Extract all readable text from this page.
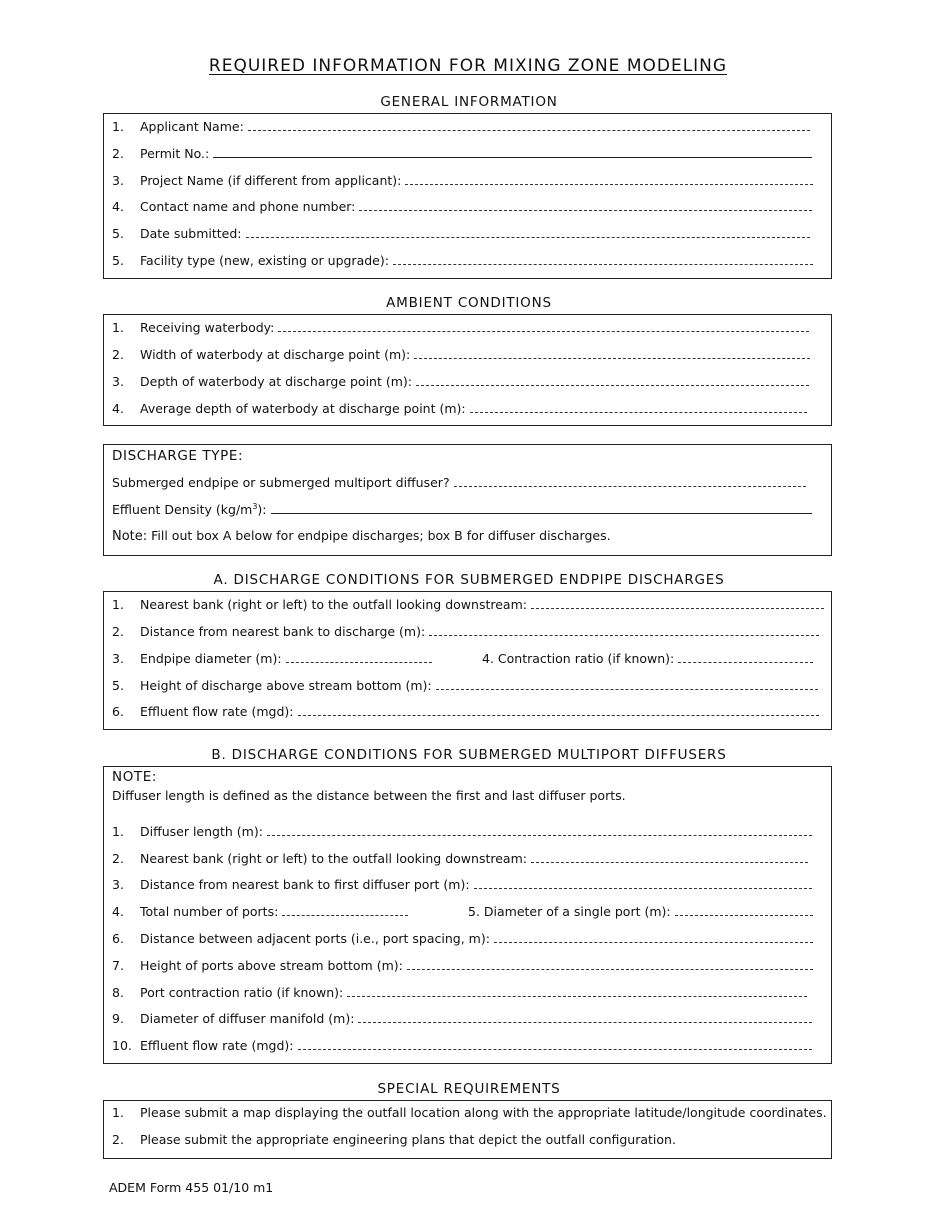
REQUIRED INFORMATION FOR MIXING ZONE MODELING
GENERAL INFORMATION
1.	Applicant Name:
2.	Permit No.:
3.	Project Name (if different from applicant):
4.	Contact name and phone number:
5.	Date submitted:
5.	Facility type (new, existing or upgrade):
AMBIENT CONDITIONS
1.	Receiving waterbody:
2.	Width of waterbody at discharge point (m):
3.	Depth of waterbody at discharge point (m):
4.	Average depth of waterbody at discharge point (m):
DISCHARGE TYPE:
Submerged endpipe or submerged multiport diffuser?
Effluent Density $(kg/m^3)$:
Note: Fill out box A below for endpipe discharges; box B for diffuser discharges.
A. DISCHARGE CONDITIONS FOR SUBMERGED ENDPIPE DISCHARGES
1.	Nearest bank (right or left) to the outfall looking downstream:
2.	Distance from nearest bank to discharge (m):
3.	Endpipe diameter (m):	4. Contraction ratio (if known):
5.	Height of discharge above stream bottom (m):
6.	Effluent flow rate (mgd):
B. DISCHARGE CONDITIONS FOR SUBMERGED MULTIPORT DIFFUSERS
NOTE:
Diffuser length is defined as the distance between the first and last diffuser ports.
1.	Diffuser length (m):
2.	Nearest bank (right or left) to the outfall looking downstream:
3.	Distance from nearest bank to first diffuser port (m):
4.	Total number of ports:	5. Diameter of a single port (m):
6.	Distance between adjacent ports (i.e., port spacing, m):
7.	Height of ports above stream bottom (m):
8.	Port contraction ratio (if known):
9.	Diameter of diffuser manifold (m):
10. Effluent flow rate (mgd):
SPECIAL REQUIREMENTS
1.	Please submit a map displaying the outfall location along with the appropriate latitude/longitude coordinates.
2.	Please submit the appropriate engineering plans that depict the outfall configuration.
ADEM Form 455 01/10 m1
